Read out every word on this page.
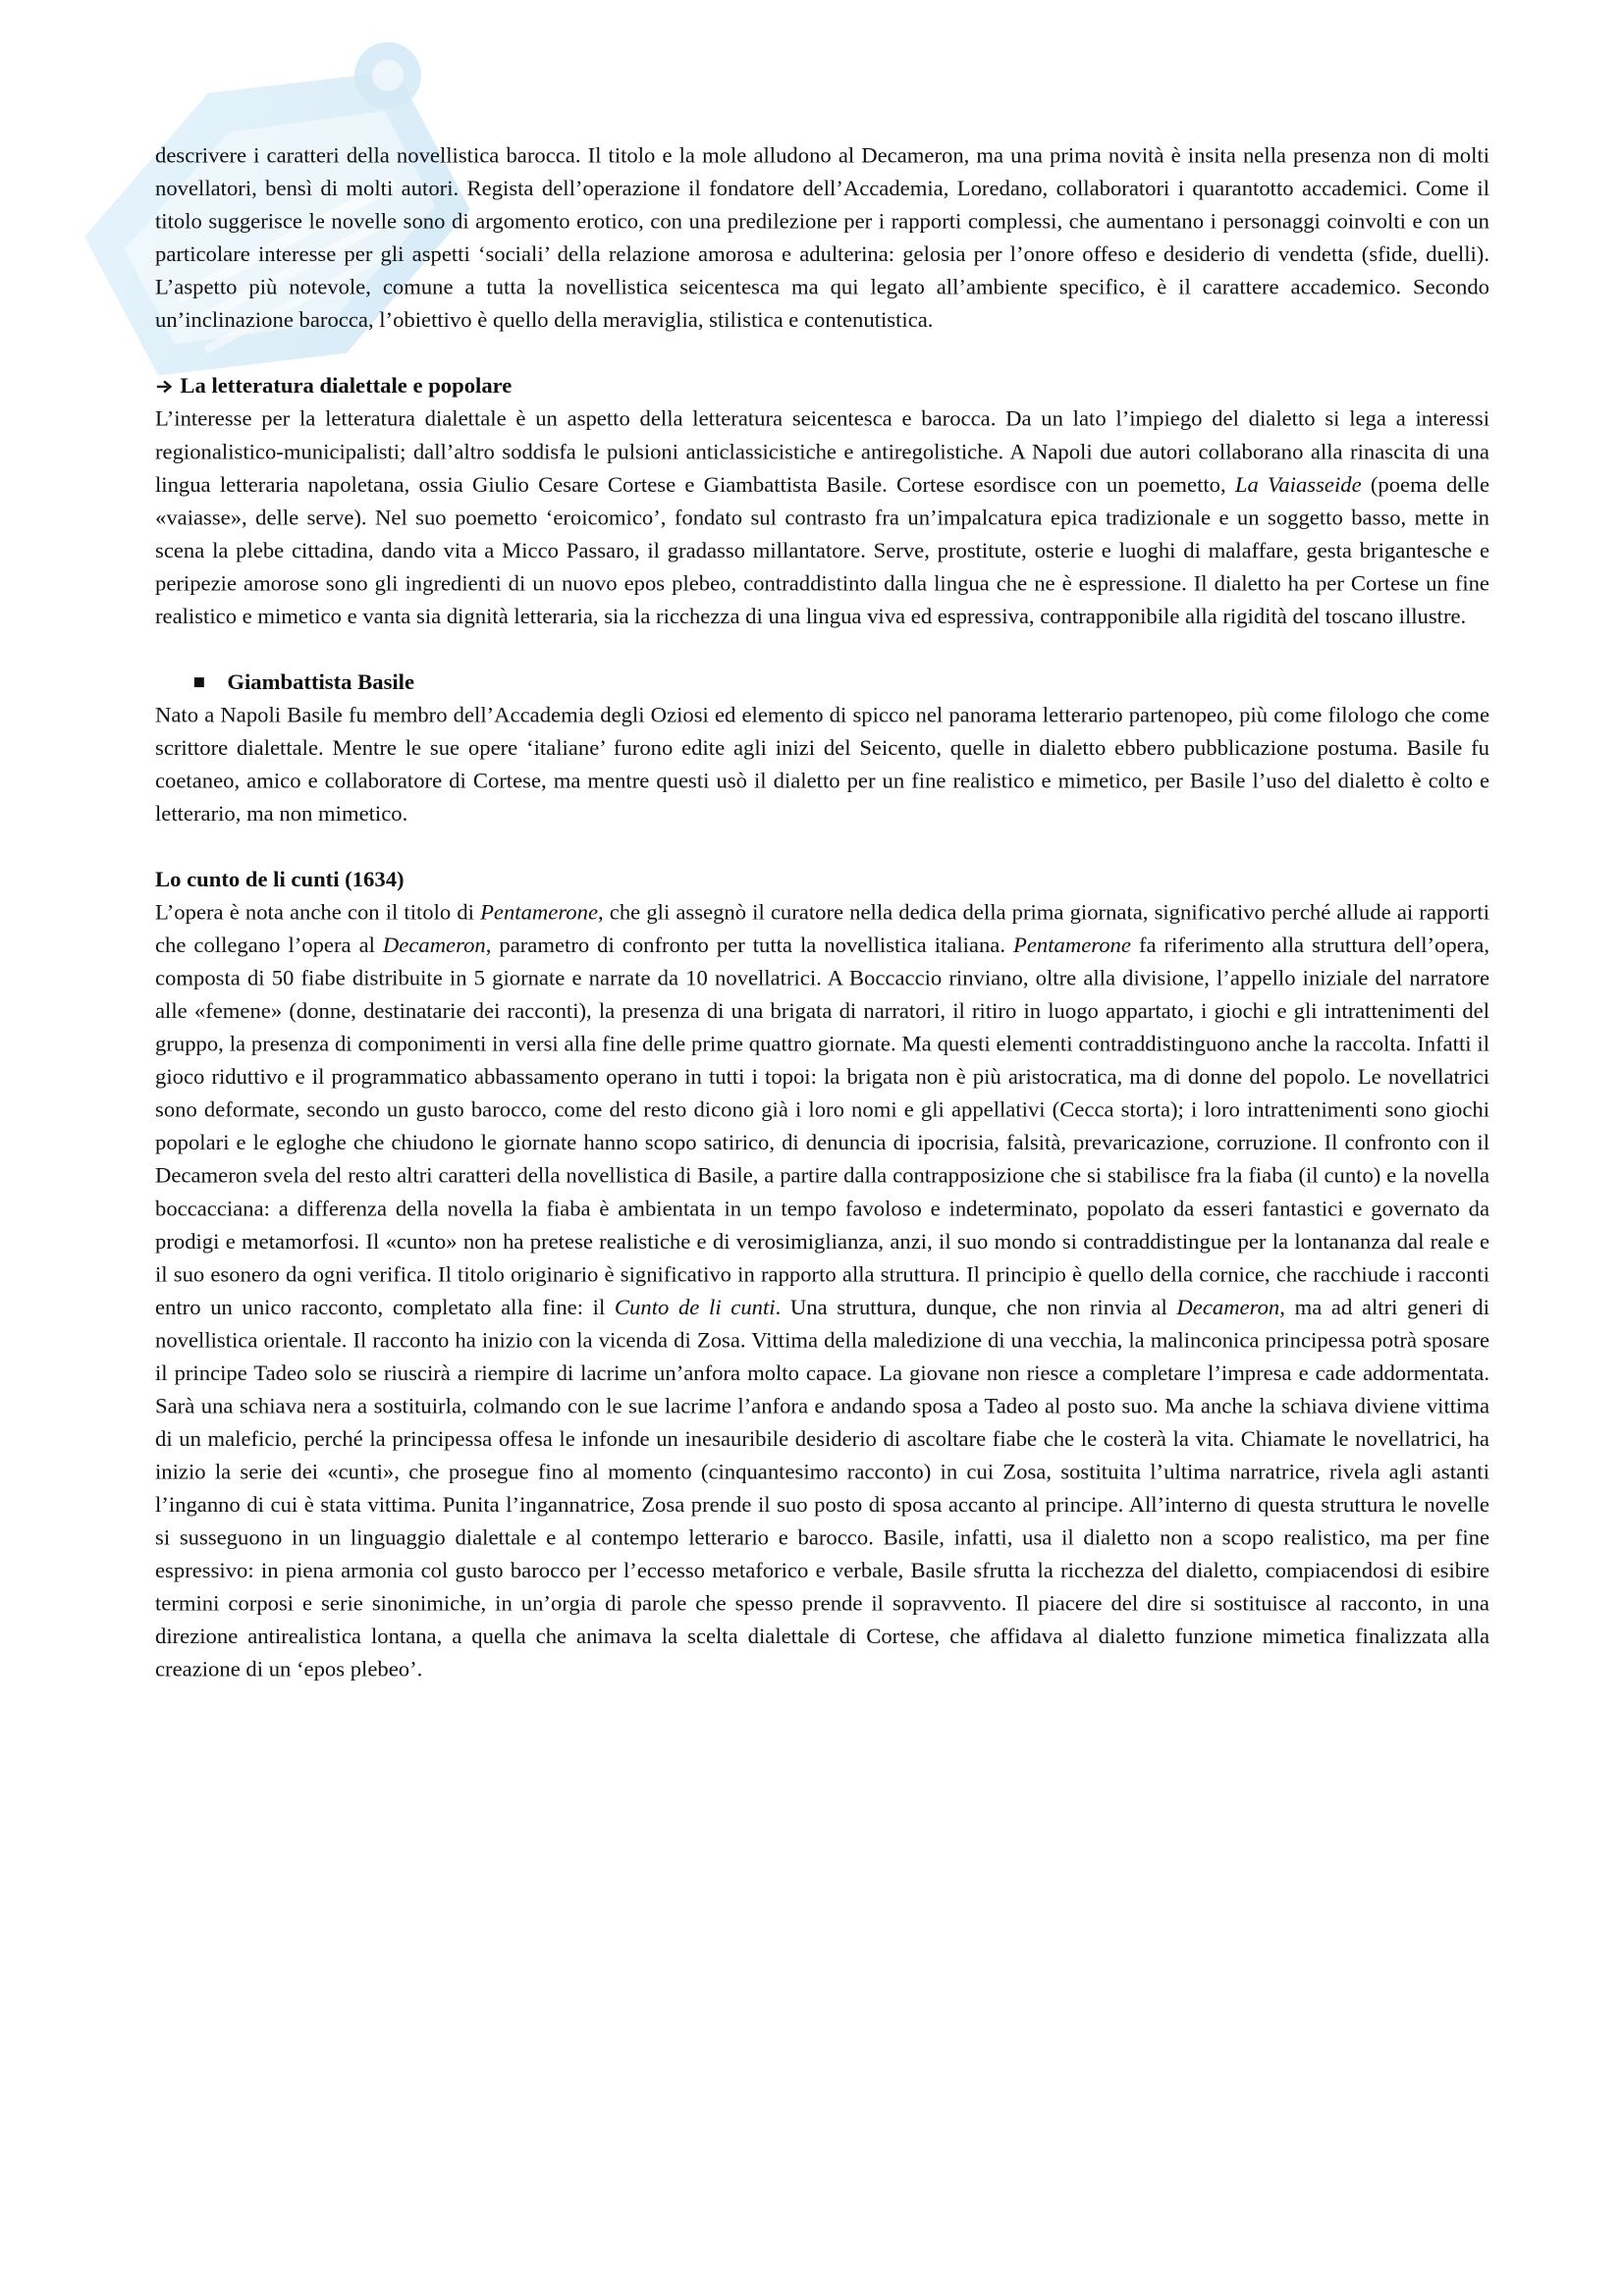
descrivere i caratteri della novellistica barocca. Il titolo e la mole alludono al Decameron, ma una prima novità è insita nella presenza non di molti novellatori, bensì di molti autori. Regista dell’operazione il fondatore dell’Accademia, Loredano, collaboratori i quarantotto accademici. Come il titolo suggerisce le novelle sono di argomento erotico, con una predilezione per i rapporti complessi, che aumentano i personaggi coinvolti e con un particolare interesse per gli aspetti ‘sociali’ della relazione amorosa e adulterina: gelosia per l’onore offeso e desiderio di vendetta (sfide, duelli). L’aspetto più notevole, comune a tutta la novellistica seicentesca ma qui legato all’ambiente specifico, è il carattere accademico. Secondo un’inclinazione barocca, l’obiettivo è quello della meraviglia, stilistica e contenutistica.

La letteratura dialettale e popolare

L’interesse per la letteratura dialettale è un aspetto della letteratura seicentesca e barocca. Da un lato l’impiego del dialetto si lega a interessi regionalistico-municipalisti; dall’altro soddisfa le pulsioni anticlassicistiche e antiregolistiche. A Napoli due autori collaborano alla rinascita di una lingua letteraria napoletana, ossia Giulio Cesare Cortese e Giambattista Basile. Cortese esordisce con un poemetto, La Vaiasseide (poema delle «vaiasse», delle serve). Nel suo poemetto ‘eroicomico’, fondato sul contrasto fra un’impalcatura epica tradizionale e un soggetto basso, mette in scena la plebe cittadina, dando vita a Micco Passaro, il gradasso millantatore. Serve, prostitute, osterie e luoghi di malaffare, gesta brigantesche e peripezie amorose sono gli ingredienti di un nuovo epos plebeo, contraddistinto dalla lingua che ne è espressione. Il dialetto ha per Cortese un fine realistico e mimetico e vanta sia dignità letteraria, sia la ricchezza di una lingua viva ed espressiva, contrapponibile alla rigidità del toscano illustre.

Giambattista Basile

Nato a Napoli Basile fu membro dell’Accademia degli Oziosi ed elemento di spicco nel panorama letterario partenopeo, più come filologo che come scrittore dialettale. Mentre le sue opere ‘italiane’ furono edite agli inizi del Seicento, quelle in dialetto ebbero pubblicazione postuma. Basile fu coetaneo, amico e collaboratore di Cortese, ma mentre questi usò il dialetto per un fine realistico e mimetico, per Basile l’uso del dialetto è colto e letterario, ma non mimetico.

Lo cunto de li cunti (1634)

L’opera è nota anche con il titolo di Pentamerone, che gli assegnò il curatore nella dedica della prima giornata, significativo perché allude ai rapporti che collegano l’opera al Decameron, parametro di confronto per tutta la novellistica italiana. Pentamerone fa riferimento alla struttura dell’opera, composta di 50 fiabe distribuite in 5 giornate e narrate da 10 novellatrici. A Boccaccio rinviano, oltre alla divisione, l’appello iniziale del narratore alle «femene» (donne, destinatarie dei racconti), la presenza di una brigata di narratori, il ritiro in luogo appartato, i giochi e gli intrattenimenti del gruppo, la presenza di componimenti in versi alla fine delle prime quattro giornate. Ma questi elementi contraddistinguono anche la raccolta. Infatti il gioco riduttivo e il programmatico abbassamento operano in tutti i topoi: la brigata non è più aristocratica, ma di donne del popolo. Le novellatrici sono deformate, secondo un gusto barocco, come del resto dicono già i loro nomi e gli appellativi (Cecca storta); i loro intrattenimenti sono giochi popolari e le egloghe che chiudono le giornate hanno scopo satirico, di denuncia di ipocrisia, falsità, prevaricazione, corruzione. Il confronto con il Decameron svela del resto altri caratteri della novellistica di Basile, a partire dalla contrapposizione che si stabilisce fra la fiaba (il cunto) e la novella boccacciana: a differenza della novella la fiaba è ambientata in un tempo favoloso e indeterminato, popolato da esseri fantastici e governato da prodigi e metamorfosi. Il «cunto» non ha pretese realistiche e di verosimiglianza, anzi, il suo mondo si contraddistingue per la lontananza dal reale e il suo esonero da ogni verifica. Il titolo originario è significativo in rapporto alla struttura. Il principio è quello della cornice, che racchiude i racconti entro un unico racconto, completato alla fine: il Cunto de li cunti. Una struttura, dunque, che non rinvia al Decameron, ma ad altri generi di novellistica orientale. Il racconto ha inizio con la vicenda di Zosa. Vittima della maledizione di una vecchia, la malinconica principessa potrà sposare il principe Tadeo solo se riuscirà a riempire di lacrime un’anfora molto capace. La giovane non riesce a completare l’impresa e cade addormentata. Sarà una schiava nera a sostituirla, colmando con le sue lacrime l’anfora e andando sposa a Tadeo al posto suo. Ma anche la schiava diviene vittima di un maleficio, perché la principessa offesa le infonde un inesauribile desiderio di ascoltare fiabe che le costerà la vita. Chiamate le novellatrici, ha inizio la serie dei «cunti», che prosegue fino al momento (cinquantesimo racconto) in cui Zosa, sostituita l’ultima narratrice, rivela agli astanti l’inganno di cui è stata vittima. Punita l’ingannatrice, Zosa prende il suo posto di sposa accanto al principe. All’interno di questa struttura le novelle si susseguono in un linguaggio dialettale e al contempo letterario e barocco. Basile, infatti, usa il dialetto non a scopo realistico, ma per fine espressivo: in piena armonia col gusto barocco per l’eccesso metaforico e verbale, Basile sfrutta la ricchezza del dialetto, compiacendosi di esibire termini corposi e serie sinonimiche, in un’orgia di parole che spesso prende il sopravvento. Il piacere del dire si sostituisce al racconto, in una direzione antirealistica lontana, a quella che animava la scelta dialettale di Cortese, che affidava al dialetto funzione mimetica finalizzata alla creazione di un ‘epos plebeo’.
